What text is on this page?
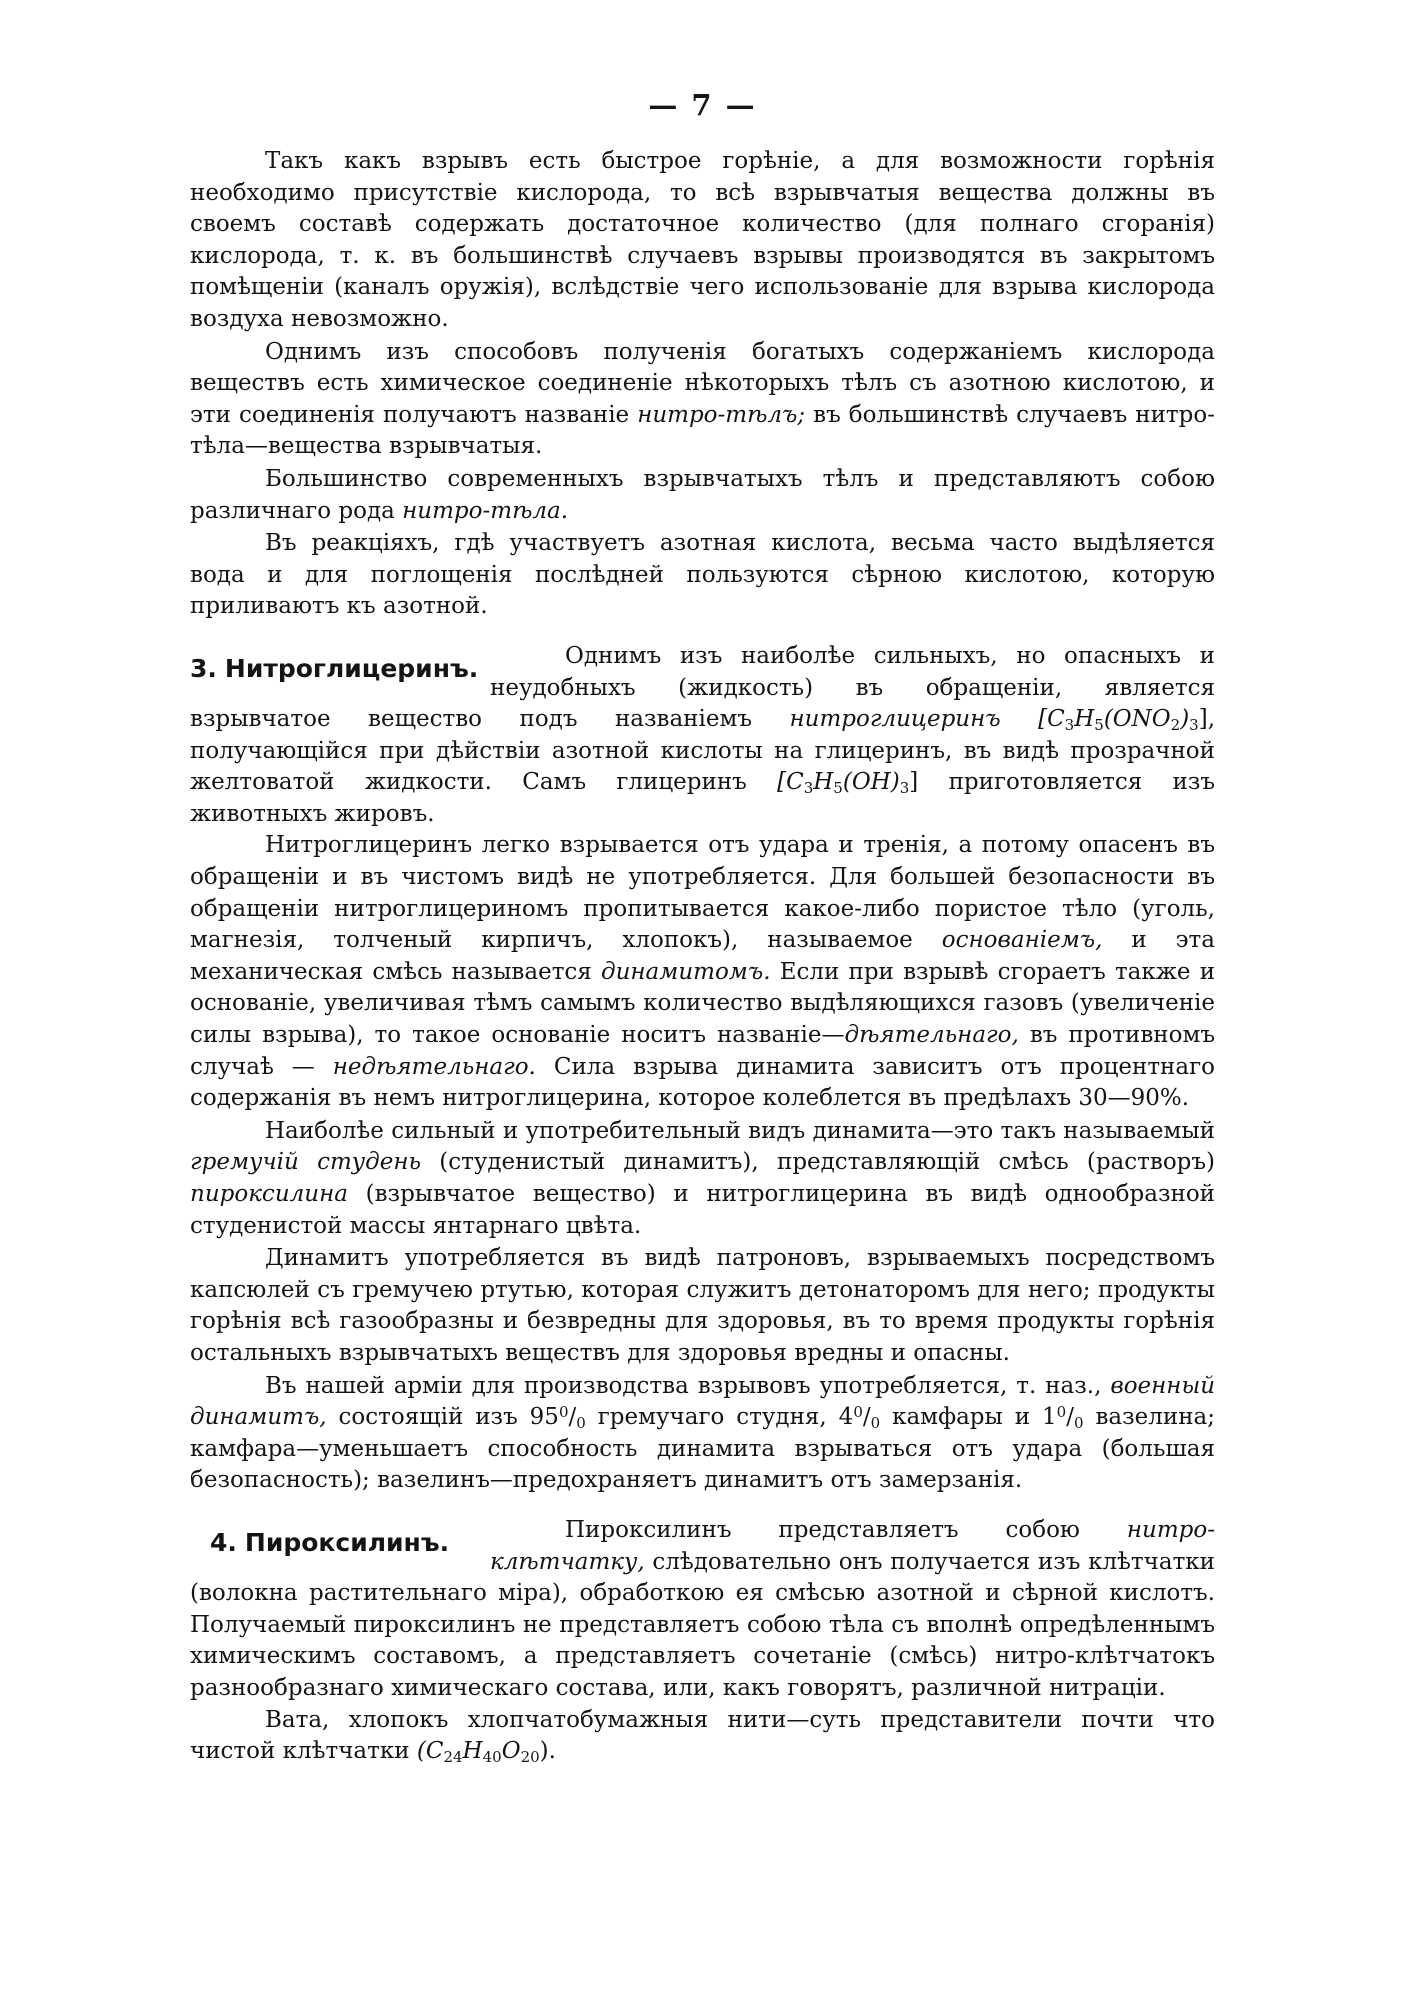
— 7 —

Такъ какъ взрывъ есть быстрое горѣніе, а для возможности горѣнія необходимо присутствіе кислорода, то всѣ взрывчатыя вещества должны въ своемъ составѣ содержать достаточное количество (для полнаго сгоранія) кислорода, т. к. въ большинствѣ случаевъ взрывы производятся въ закрытомъ помѣщеніи (каналъ оружія), вслѣдствіе чего использованіе для взрыва кислорода воздуха невозможно.

Однимъ изъ способовъ полученія богатыхъ содержаніемъ кислорода веществъ есть химическое соединеніе нѣкоторыхъ тѣлъ съ азотною кислотою, и эти соединенія получаютъ названіе нитро-тѣлъ; въ большинствѣ случаевъ нитро-тѣла—вещества взрывчатыя.

Большинство современныхъ взрывчатыхъ тѣлъ и представляютъ собою различнаго рода нитро-тѣла.

Въ реакціяхъ, гдѣ участвуетъ азотная кислота, весьма часто выдѣляется вода и для поглощенія послѣдней пользуются сѣрною кислотою, которую приливаютъ къ азотной.

3. Нитроглицеринъ.	Однимъ изъ наиболѣе сильныхъ, но опасныхъ и неудобныхъ (жидкость) въ обращеніи, является взрывчатое вещество подъ названіемъ нитроглицеринъ $[C_3H_5(ONO_2)_3]$, получающійся при дѣйствіи азотной кислоты на глицеринъ, въ видѣ прозрачной желтоватой жидкости. Самъ глицеринъ $[C_3H_5(OH)_3]$ приготовляется изъ животныхъ жировъ.

Нитроглицеринъ легко взрывается отъ удара и тренія, а потому опасенъ въ обращеніи и въ чистомъ видѣ не употребляется. Для большей безопасности въ обращеніи нитроглицериномъ пропитывается какое-либо пористое тѣло (уголь, магнезія, толченый кирпичъ, хлопокъ), называемое основаніемъ, и эта механическая смѣсь называется динамитомъ. Если при взрывѣ сгораетъ также и основаніе, увеличивая тѣмъ самымъ количество выдѣляющихся газовъ (увеличеніе силы взрыва), то такое основаніе носитъ названіе—дѣятельнаго, въ противномъ случаѣ — недѣятельнаго. Сила взрыва динамита зависитъ отъ процентнаго содержанія въ немъ нитроглицерина, которое колеблется въ предѣлахъ 30—90%.

Наиболѣе сильный и употребительный видъ динамита—это такъ называемый гремучій студень (студенистый динамитъ), представляющій смѣсь (растворъ) пироксилина (взрывчатое вещество) и нитроглицерина въ видѣ однообразной студенистой массы янтарнаго цвѣта.

Динамитъ употребляется въ видѣ патроновъ, взрываемыхъ посредствомъ капсюлей съ гремучею ртутью, которая служитъ детонаторомъ для него; продукты горѣнія всѣ газообразны и безвредны для здоровья, въ то время продукты горѣнія остальныхъ взрывчатыхъ веществъ для здоровья вредны и опасны.

Въ нашей арміи для производства взрывовъ употребляется, т. наз., военный динамитъ, состоящій изъ $95^0/_0$ гремучаго студня, $4^0/_0$ камфары и $1^0/_0$ вазелина; камфара—уменьшаетъ способность динамита взрываться отъ удара (большая безопасность); вазелинъ—предохраняетъ динамитъ отъ замерзанія.

4. Пироксилинъ.	Пироксилинъ представляетъ собою нитро-клѣтчатку, слѣдовательно онъ получается изъ клѣтчатки (волокна растительнаго міра), обработкою ея смѣсью азотной и сѣрной кислотъ. Получаемый пироксилинъ не представляетъ собою тѣла съ вполнѣ опредѣленнымъ химическимъ составомъ, а представляетъ сочетаніе (смѣсь) нитро-клѣтчатокъ разнообразнаго химическаго состава, или, какъ говорятъ, различной нитраціи.

Вата, хлопокъ хлопчатобумажныя нити—суть представители почти что чистой клѣтчатки $(C_{24}H_{40}O_{20})$.
